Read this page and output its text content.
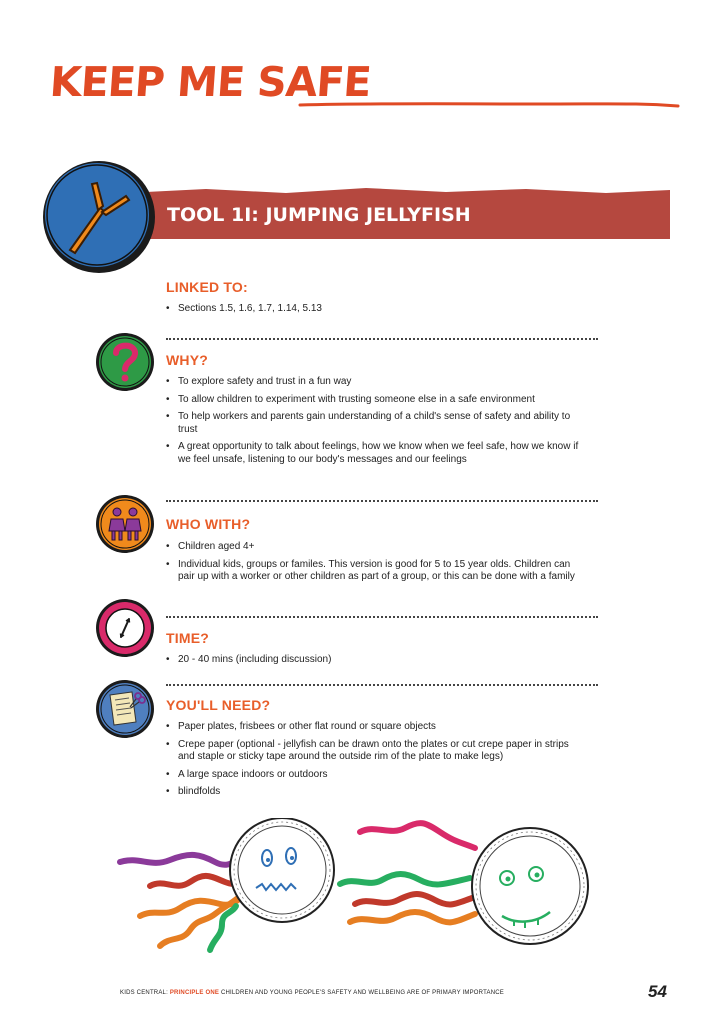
KEEP ME SAFE
TOOL 1I: JUMPING JELLYFISH
LINKED TO:
• Sections 1.5, 1.6, 1.7, 1.14, 5.13
WHY?
• To explore safety and trust in a fun way
• To allow children to experiment with trusting someone else in a safe environment
• To help workers and parents gain understanding of a child's sense of safety and ability to trust
• A great opportunity to talk about feelings, how we know when we feel safe, how we know if we feel unsafe, listening to our body's messages and our feelings
WHO WITH?
• Children aged 4+
• Individual kids, groups or familes. This version is good for 5 to 15 year olds. Children can pair up with a worker or other children as part of a group, or this can be done with a family
TIME?
• 20 - 40 mins (including discussion)
YOU'LL NEED?
• Paper plates, frisbees or other flat round or square objects
• Crepe paper (optional - jellyfish can be drawn onto the plates or cut crepe paper in strips and staple or sticky tape around the outside rim of the plate to make legs)
• A large space indoors or outdoors
• blindfolds
KIDS CENTRAL: PRINCIPLE ONE CHILDREN AND YOUNG PEOPLE'S SAFETY AND WELLBEING ARE OF PRIMARY IMPORTANCE	54
